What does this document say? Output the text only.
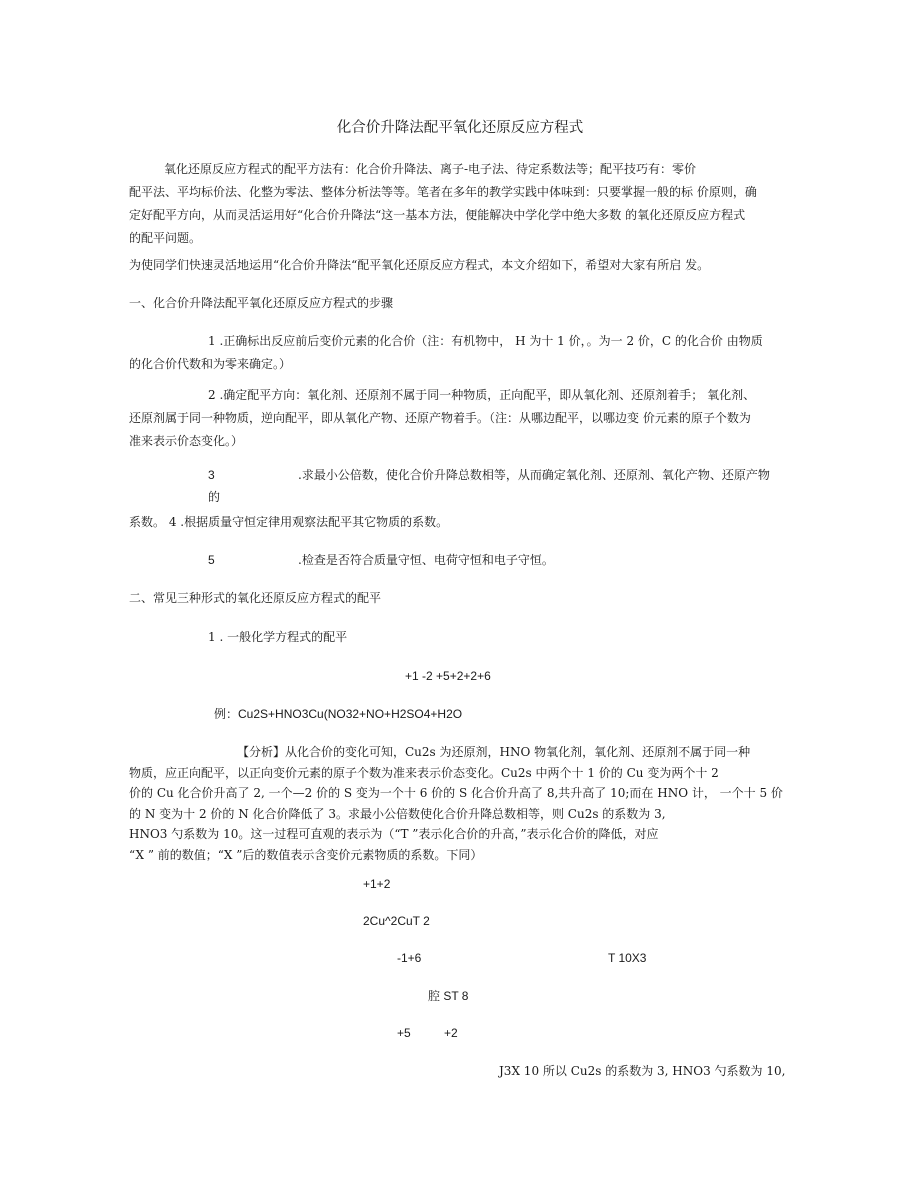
化合价升降法配平氧化还原反应方程式
氧化还原反应方程式的配平方法有：化合价升降法、离子-电子法、待定系数法等；配平技巧有：零价
配平法、平均标价法、化整为零法、整体分析法等等。笔者在多年的教学实践中体味到：只要掌握一般的标 价原则，确
定好配平方向，从而灵活运用好“化合价升降法“这一基本方法，便能解决中学化学中绝大多数 的氧化还原反应方程式
的配平问题。
为使同学们快速灵活地运用“化合价升降法“配平氧化还原反应方程式，本文介绍如下，希望对大家有所启 发。
一、化合价升降法配平氧化还原反应方程式的步骤
1 .正确标出反应前后变价元素的化合价（注：有机物中， H 为十 1 价，。为一 2 价，C 的化合价 由物质
的化合价代数和为零来确定。）
2 .确定配平方向：氧化剂、还原剂不属于同一种物质，正向配平，即从氧化剂、还原剂着手； 氧化剂、
还原剂属于同一种物质，逆向配平，即从氧化产物、还原产物着手。（注：从哪边配平，以哪边变 价元素的原子个数为
准来表示价态变化。）
3	.求最小公倍数，使化合价升降总数相等，从而确定氧化剂、还原剂、氧化产物、还原产物
的
系数。 4 .根据质量守恒定律用观察法配平其它物质的系数。
5	.检查是否符合质量守恒、电荷守恒和电子守恒。
二、常见三种形式的氧化还原反应方程式的配平
1 . 一般化学方程式的配平
+1 -2 +5+2+2+6
例：Cu2S+HNO3Cu(NO32+NO+H2SO4+H2O
【分析】从化合价的变化可知，Cu2s 为还原剂，HNO 物氧化剂，氧化剂、还原剂不属于同一种
物质，应正向配平，以正向变价元素的原子个数为准来表示价态变化。Cu2s 中两个十 1 价的 Cu 变为两个十 2
价的 Cu 化合价升高了 2, 一个—2 价的 S 变为一个十 6 价的 S 化合价升高了 8,共升高了 10;而在 HNO 计， 一个十 5 价
的 N 变为十 2 价的 N 化合价降低了 3。求最小公倍数使化合价升降总数相等，则 Cu2s 的系数为 3,
HNO3 勺系数为 10。这一过程可直观的表示为（“T ”表示化合价的升高，”表示化合价的降低，对应
“X ” 前的数值；“X ”后的数值表示含变价元素物质的系数。下同）
+1+2
2Cu^2CuT 2
-1+6	T 10X3
腔 ST 8
+5	+2
J3X 10 所以 Cu2s 的系数为 3, HNO3 勺系数为 10,
